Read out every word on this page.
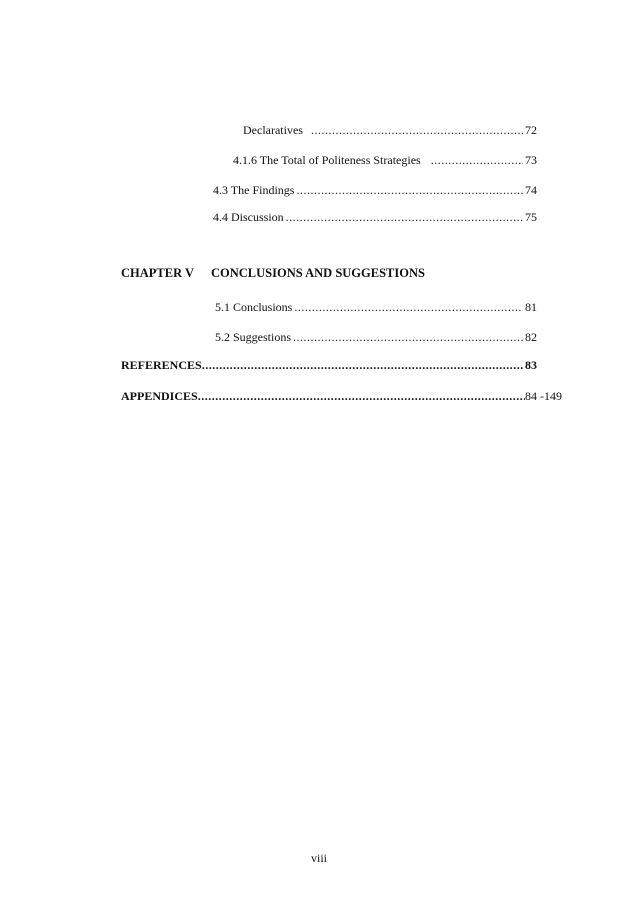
Declaratives .....	72
4.1.6 The Total of Politeness Strategies .....	73
4.3 The Findings .....	74
4.4 Discussion .....	75
CHAPTER V CONCLUSIONS AND SUGGESTIONS
5.1 Conclusions .....	81
5.2 Suggestions .....	82
REFERENCES .....	83
APPENDICES .....	84 -149
viii
